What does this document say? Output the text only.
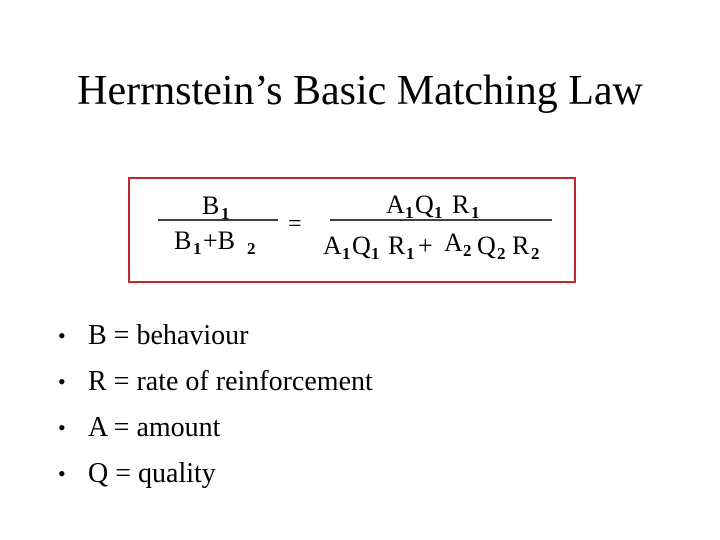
Herrnstein’s Basic Matching Law
B 1
B 1 +B 2
=
A 1 Q 1 R 1
A 1 Q 1 R 1 + A 2 Q 2 R 2
• B = behaviour
• R = rate of reinforcement
• A = amount
• Q = quality
